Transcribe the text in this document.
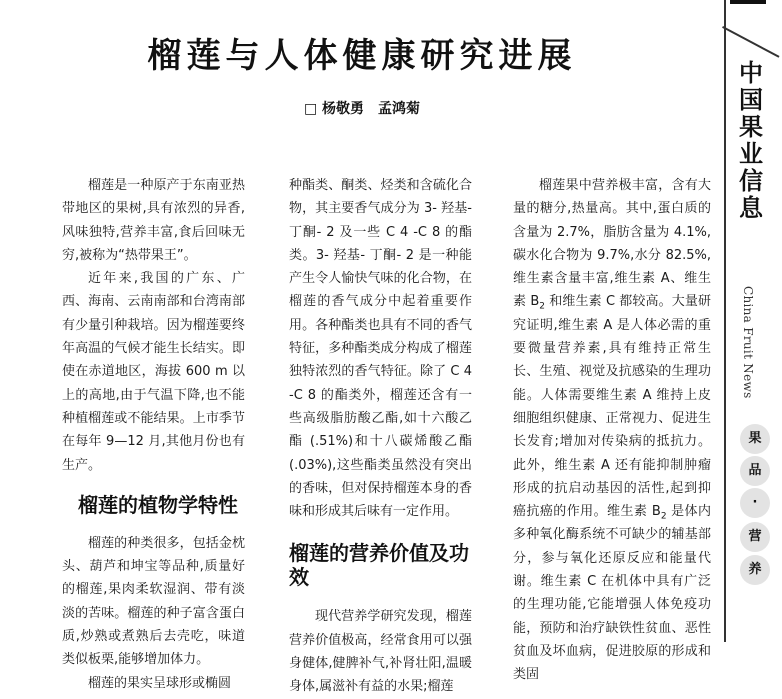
榴莲与人体健康研究进展
□ 杨敬勇　孟鸿菊

榴莲是一种原产于东南亚热带地区的果树,具有浓烈的异香,风味独特,营养丰富,食后回味无穷,被称为“热带果王”。

近年来,我国的广东、广西、海南、云南南部和台湾南部有少量引种栽培。因为榴莲要终年高温的气候才能生长结实。即使在赤道地区，海拔 600 m 以上的高地,由于气温下降,也不能种植榴莲或不能结果。上市季节在每年 9—12 月,其他月份也有生产。

榴莲的植物学特性

榴莲的种类很多，包括金枕头、葫芦和坤宝等品种,质量好的榴莲,果肉柔软湿润、带有淡淡的苦味。榴莲的种子富含蛋白质,炒熟或煮熟后去壳吃，味道类似板栗,能够增加体力。

榴莲的果实呈球形或椭圆

种酯类、酮类、烃类和含硫化合物，其主要香气成分为 3- 羟基- 丁酮- 2 及一些 C 4 -C 8 的酯类。3- 羟基- 丁酮- 2 是一种能产生令人愉快气味的化合物，在榴莲的香气成分中起着重要作用。各种酯类也具有不同的香气特征，多种酯类成分构成了榴莲独特浓烈的香气特征。除了 C 4 -C 8 的酯类外，榴莲还含有一些高级脂肪酸乙酯,如十六酸乙酯 (.51%)和十八碳烯酸乙酯 (.03%),这些酯类虽然没有突出的香味，但对保持榴莲本身的香味和形成其后味有一定作用。

榴莲的营养价值及功效

现代营养学研究发现，榴莲营养价值极高，经常食用可以强身健体,健脾补气,补肾壮阳,温暖身体,属滋补有益的水果;榴莲

榴莲果中营养极丰富，含有大量的糖分,热量高。其中,蛋白质的含量为 2.7%，脂肪含量为 4.1%,碳水化合物为 9.7%,水分 82.5%,维生素含量丰富,维生素 A、维生素 $B_2$ 和维生素 C 都较高。大量研究证明,维生素 A 是人体必需的重要微量营养素,具有维持正常生长、生殖、视觉及抗感染的生理功能。人体需要维生素 A 维持上皮细胞组织健康、正常视力、促进生长发育;增加对传染病的抵抗力。此外，维生素 A 还有能抑制肿瘤形成的抗启动基因的活性,起到抑癌抗癌的作用。维生素 $B_2$ 是体内多种氧化酶系统不可缺少的辅基部分，参与氧化还原反应和能量代谢。维生素 C 在机体中具有广泛的生理功能,它能增强人体免疫功能，预防和治疗缺铁性贫血、恶性贫血及坏血病，促进胶原的形成和类固

中国果业信息
China Fruit News
果
品
·
营
养
